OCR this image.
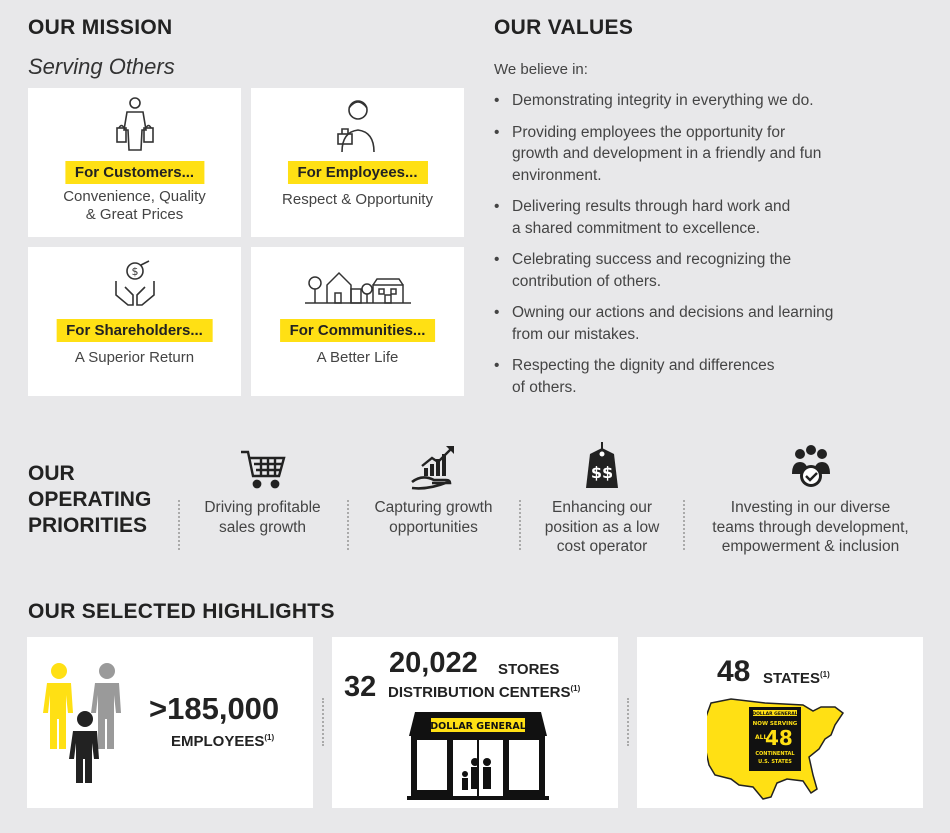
OUR MISSION
Serving Others
For Customers...
Convenience, Quality
& Great Prices
For Employees...
Respect & Opportunity
$
For Shareholders...
A Superior Return
For Communities...
A Better Life
OUR VALUES
We believe in:
• Demonstrating integrity in everything we do.
• Providing employees the opportunity for
growth and development in a friendly and fun
environment.
• Delivering results through hard work and
a shared commitment to excellence.
• Celebrating success and recognizing the
contribution of others.
• Owning our actions and decisions and learning
from our mistakes.
• Respecting the dignity and differences
of others.
OUR
OPERATING
PRIORITIES
Driving profitable
sales growth
Capturing growth
opportunities
$$
Enhancing our
position as a low
cost operator
Investing in our diverse
teams through development,
empowerment & inclusion
OUR SELECTED HIGHLIGHTS
>185,000
EMPLOYEES$^{(1)}$
20,022 STORES
32 DISTRIBUTION CENTERS$^{(1)}$
DOLLAR GENERAL
48 STATES$^{(1)}$
DOLLAR GENERAL
NOW SERVING
ALL
48
CONTINENTAL
U.S. STATES
